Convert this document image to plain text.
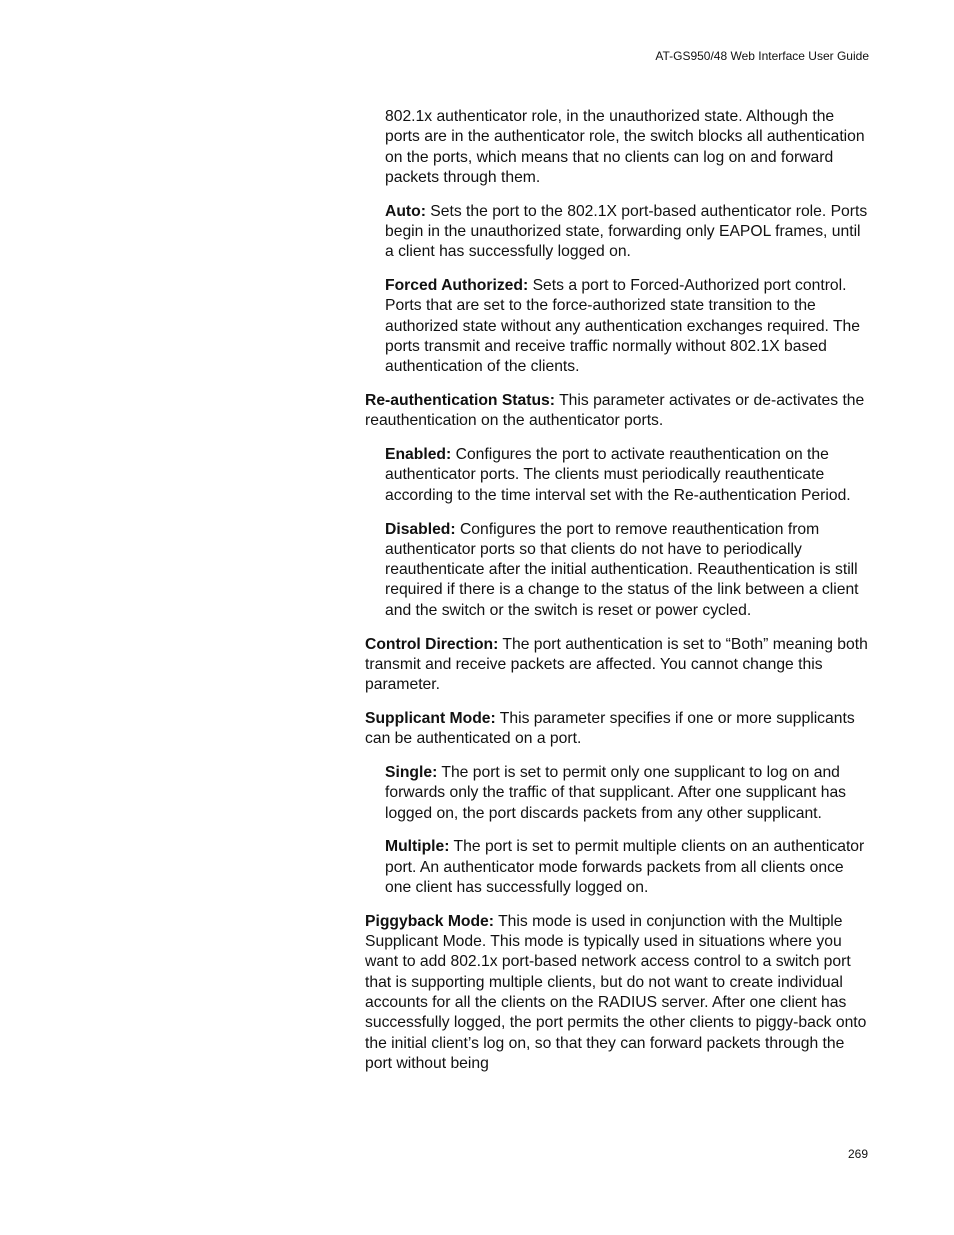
AT-GS950/48 Web Interface User Guide

802.1x authenticator role, in the unauthorized state. Although the ports are in the authenticator role, the switch blocks all authentication on the ports, which means that no clients can log on and forward packets through them.

Auto: Sets the port to the 802.1X port-based authenticator role. Ports begin in the unauthorized state, forwarding only EAPOL frames, until a client has successfully logged on.

Forced Authorized: Sets a port to Forced-Authorized port control. Ports that are set to the force-authorized state transition to the authorized state without any authentication exchanges required. The ports transmit and receive traffic normally without 802.1X based authentication of the clients.

Re-authentication Status: This parameter activates or de-activates the reauthentication on the authenticator ports.

Enabled: Configures the port to activate reauthentication on the authenticator ports. The clients must periodically reauthenticate according to the time interval set with the Re-authentication Period.

Disabled: Configures the port to remove reauthentication from authenticator ports so that clients do not have to periodically reauthenticate after the initial authentication. Reauthentication is still required if there is a change to the status of the link between a client and the switch or the switch is reset or power cycled.

Control Direction: The port authentication is set to “Both” meaning both transmit and receive packets are affected. You cannot change this parameter.

Supplicant Mode: This parameter specifies if one or more supplicants can be authenticated on a port.

Single: The port is set to permit only one supplicant to log on and forwards only the traffic of that supplicant. After one supplicant has logged on, the port discards packets from any other supplicant.

Multiple: The port is set to permit multiple clients on an authenticator port. An authenticator mode forwards packets from all clients once one client has successfully logged on.

Piggyback Mode: This mode is used in conjunction with the Multiple Supplicant Mode. This mode is typically used in situations where you want to add 802.1x port-based network access control to a switch port that is supporting multiple clients, but do not want to create individual accounts for all the clients on the RADIUS server. After one client has successfully logged, the port permits the other clients to piggy-back onto the initial client’s log on, so that they can forward packets through the port without being

269
